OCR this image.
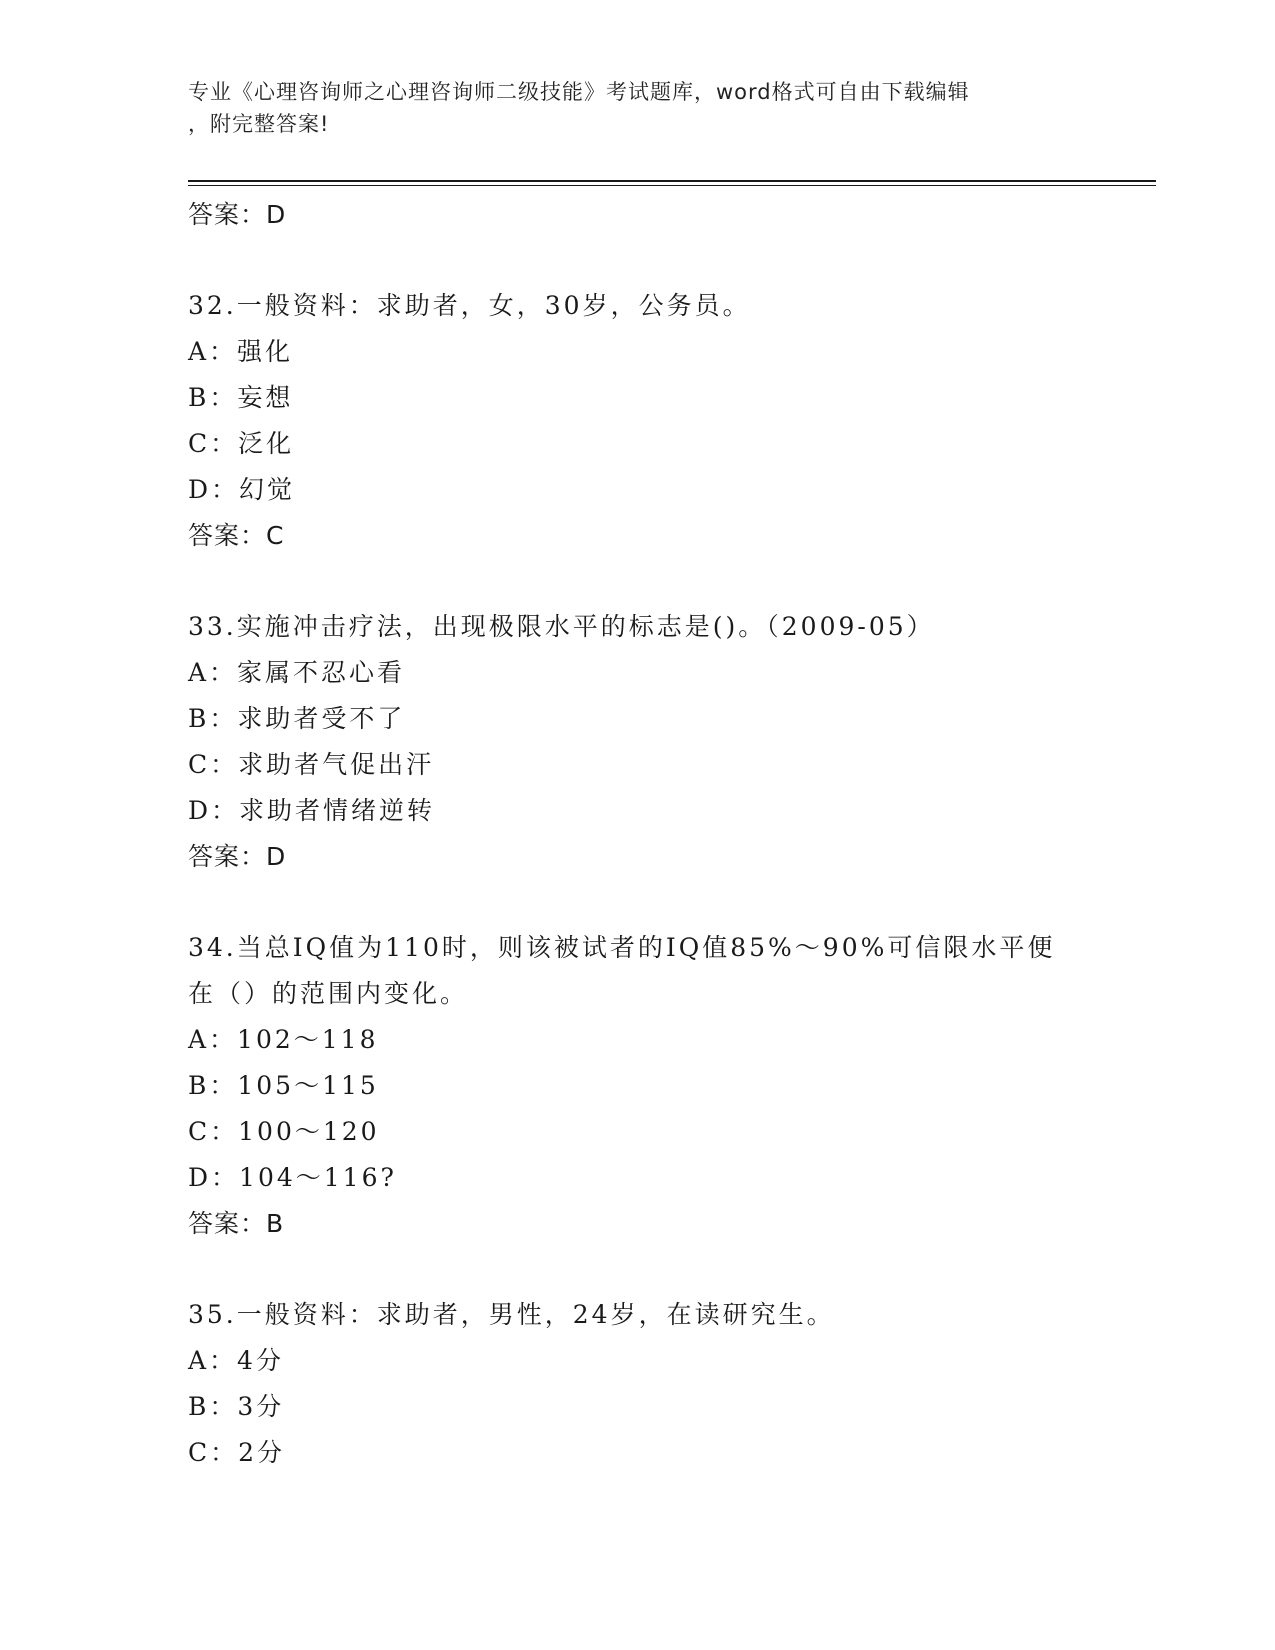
专业《心理咨询师之心理咨询师二级技能》考试题库，word格式可自由下载编辑
，附完整答案!
答案：D
32.一般资料：求助者，女，30岁，公务员。
A：强化
B：妄想
C：泛化
D：幻觉
答案：C
33.实施冲击疗法，出现极限水平的标志是()。（2009-05）
A：家属不忍心看
B：求助者受不了
C：求助者气促出汗
D：求助者情绪逆转
答案：D
34.当总IQ值为110时，则该被试者的IQ值85%～90%可信限水平便
在（）的范围内变化。
A：102～118
B：105～115
C：100～120
D：104～116?
答案：B
35.一般资料：求助者，男性，24岁，在读研究生。
A：4分
B：3分
C：2分
